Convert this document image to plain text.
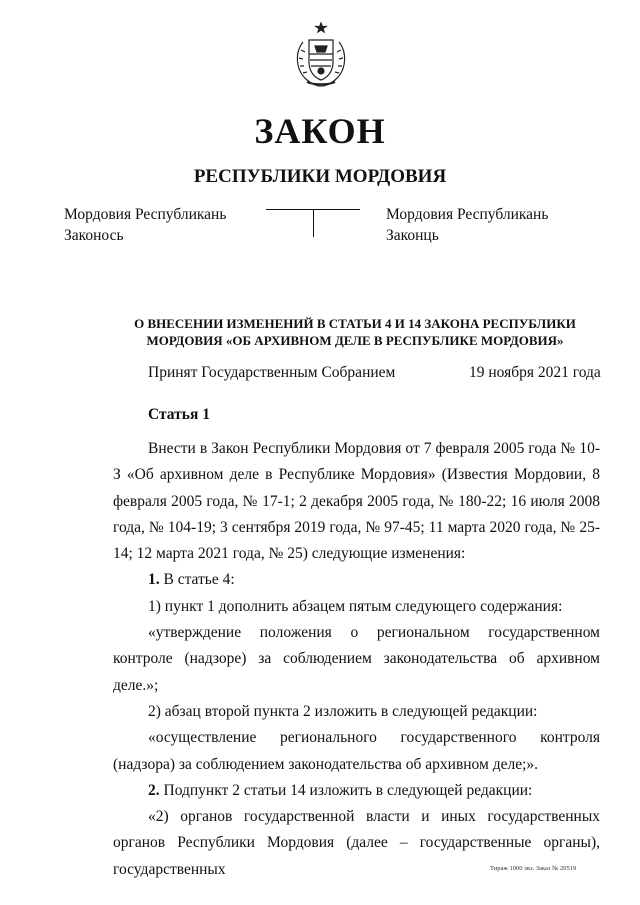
ЗАКОН
РЕСПУБЛИКИ МОРДОВИЯ
Мордовия Республикань
Законось
Мордовия Республикань
Законць
О ВНЕСЕНИИ ИЗМЕНЕНИЙ В СТАТЬИ 4 И 14 ЗАКОНА РЕСПУБЛИКИ
МОРДОВИЯ «ОБ АРХИВНОМ ДЕЛЕ В РЕСПУБЛИКЕ МОРДОВИЯ»
Принят Государственным Собранием	19 ноября 2021 года
Статья 1

Внести в Закон Республики Мордовия от 7 февраля 2005 года № 10-З «Об архивном деле в Республике Мордовия» (Известия Мордовии, 8 февраля 2005 года, № 17-1; 2 декабря 2005 года, № 180-22; 16 июля 2008 года, № 104-19; 3 сентября 2019 года, № 97-45; 11 марта 2020 года, № 25-14; 12 марта 2021 года, № 25) следующие изменения:

1. В статье 4:

1) пункт 1 дополнить абзацем пятым следующего содержания:

«утверждение положения о региональном государственном контроле (надзоре) за соблюдением законодательства об архивном деле.»;

2) абзац второй пункта 2 изложить в следующей редакции:

«осуществление регионального государственного контроля (надзора) за соблюдением законодательства об архивном деле;».

2. Подпункт 2 статьи 14 изложить в следующей редакции:

«2) органов государственной власти и иных государственных органов Республики Мордовия (далее – государственные органы), государственных	Тираж 1000 экз. Заказ № 20519
